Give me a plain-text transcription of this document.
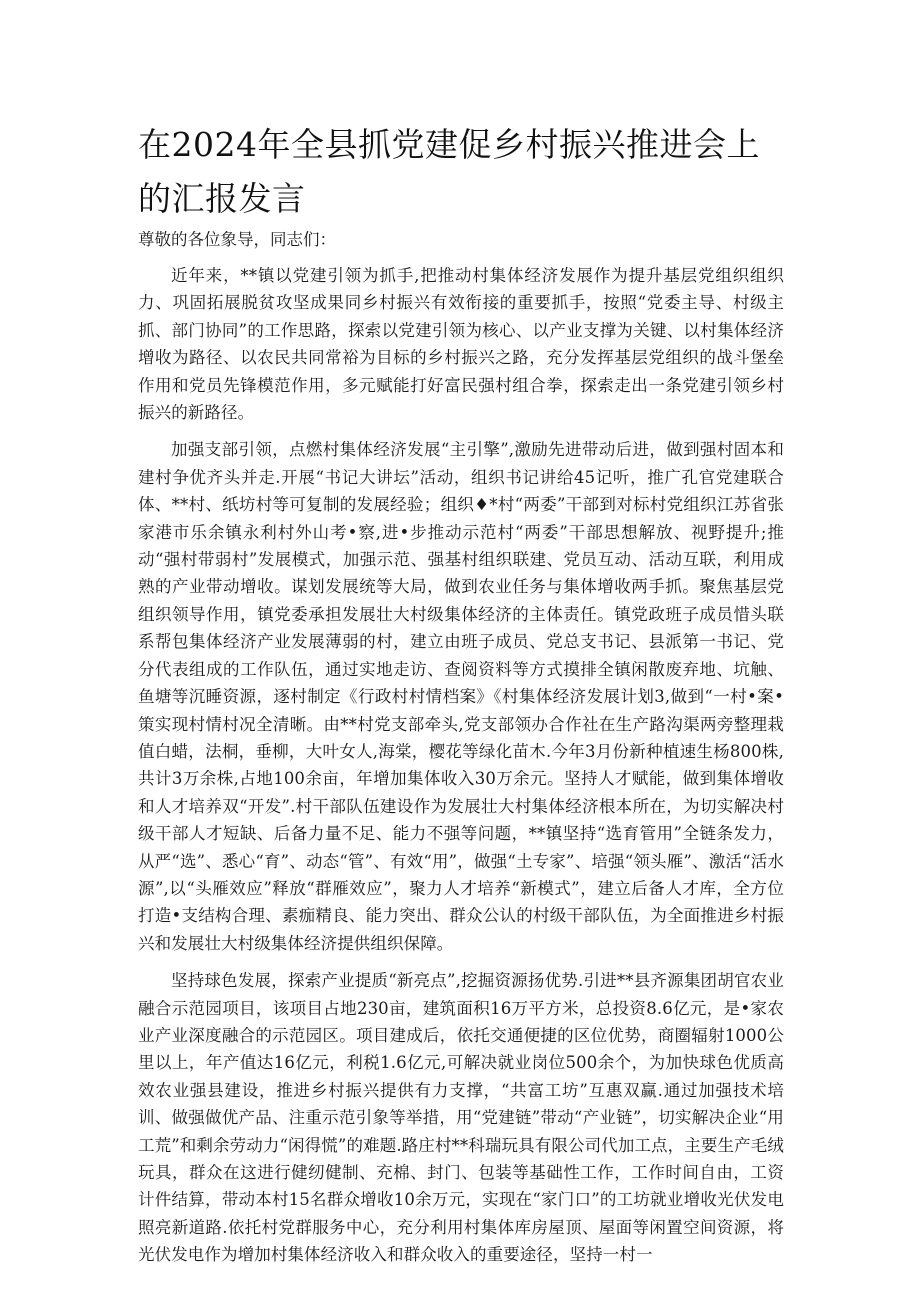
在2024年全县抓党建促乡村振兴推进会上的汇报发言

尊敬的各位象导，同志们：

近年来，**镇以党建引领为抓手,把推动村集体经济发展作为提升基层党组织组织力、巩固拓展脱贫攻坚成果同乡村振兴有效衔接的重要抓手，按照“党委主导、村级主抓、部门协同”的工作思路，探索以党建引领为核心、以产业支撑为关键、以村集体经济增收为路径、以农民共同常裕为目标的乡村振兴之路，充分发挥基层党组织的战斗堡垒作用和党员先锋模范作用，多元赋能打好富民强村组合拳，探索走出一条党建引领乡村振兴的新路径。

加强支部引领，点燃村集体经济发展“主引擎”,激励先进带动后进，做到强村固本和建村争优齐头并走.开展“书记大讲坛”活动，组织书记讲给45记听，推广孔官党建联合体、**村、纸坊村等可复制的发展经验；组织♦*村“两委”干部到对标村党组织江苏省张家港市乐余镇永利村外山考•察,进•步推动示范村“两委”干部思想解放、视野提升;推动“强村带弱村”发展模式，加强示范、强基村组织联建、党员互动、活动互联，利用成熟的产业带动增收。谋划发展统等大局，做到农业任务与集体增收两手抓。聚焦基层党组织领导作用，镇党委承担发展壮大村级集体经济的主体责任。镇党政班子成员惜头联系帮包集体经济产业发展薄弱的村，建立由班子成员、党总支书记、县派第一书记、党分代表组成的工作队伍，通过实地走访、查阅资料等方式摸排全镇闲散废弃地、坑触、鱼塘等沉睡资源，逐村制定《行政村村情档案》《村集体经济发展计划3,做到“一村•案•策实现村情村况全清晰。由**村党支部牵头,党支部领办合作社在生产路沟渠两旁整理栽值白蜡，法桐，垂柳，大叶女人,海棠，樱花等绿化苗木.今年3月份新种植速生杨800株,共计3万余株,占地100余亩，年增加集体收入30万余元。坚持人才赋能，做到集体增收和人才培养双“开发”.村干部队伍建设作为发展壮大村集体经济根本所在，为切实解决村级干部人才短缺、后备力量不足、能力不强等问题，**镇坚持“选育管用”全链条发力，从严“选”、悉心“育”、动态“管”、有效“用”，做强“土专家”、培强“领头雁”、激活“活水源”,以“头雁效应”释放“群雁效应”，聚力人才培养“新模式”，建立后备人才库，全方位打造•支结构合理、素痂精良、能力突出、群众公认的村级干部队伍，为全面推进乡村振兴和发展壮大村级集体经济提供组织保障。

坚持球色发展，探索产业提质“新亮点”,挖掘资源扬优势.引进**县齐源集团胡官农业融合示范园项目，该项目占地230亩，建筑面积16万平方米，总投资8.6亿元，是•家农业产业深度融合的示范园区。项目建成后，依托交通便捷的区位优势，商圈辐射1000公里以上，年产值达16亿元，利税1.6亿元,可解决就业岗位500余个，为加快球色优质高效农业强县建设，推进乡村振兴提供有力支撑，“共富工坊”互惠双赢.通过加强技术培训、做强做优产品、注重示范引象等举措，用“党建链”带动“产业链”，切实解决企业“用工荒”和剩余劳动力“闲得慌”的难题.路庄村**科瑞玩具有限公司代加工点，主要生产毛绒玩具，群众在这进行健纫健制、充棉、封门、包装等基础性工作，工作时间自由，工资计件结算，带动本村15名群众增收10余万元，实现在“家门口”的工坊就业增收光伏发电照亮新道路.依托村党群服务中心，充分利用村集体库房屋顶、屋面等闲置空间资源，将光伏发电作为增加村集体经济收入和群众收入的重要途径，坚持一村一
